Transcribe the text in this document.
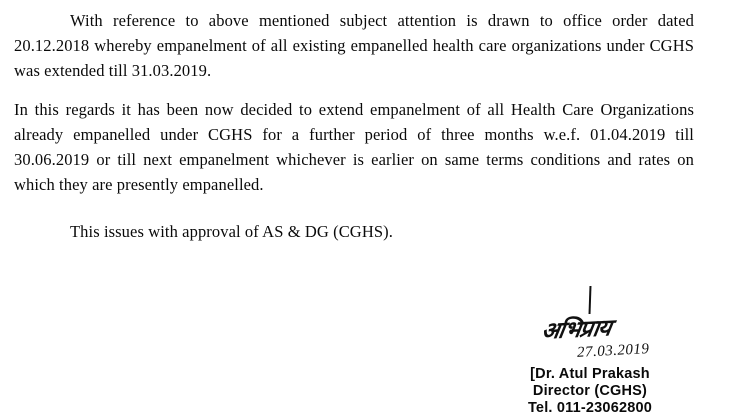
With reference to above mentioned subject attention is drawn to office order dated 20.12.2018 whereby empanelment of all existing empanelled health care organizations under CGHS was extended till 31.03.2019.

In this regards it has been now decided to extend empanelment of all Health Care Organizations already empanelled under CGHS for a further period of three months w.e.f. 01.04.2019 till 30.06.2019 or till next empanelment whichever is earlier on same terms conditions and rates on which they are presently empanelled.

This issues with approval of AS & DG (CGHS).

अभिप्राय
27.03.2019
[Dr. Atul Prakash
Director (CGHS)
Tel. 011-23062800
